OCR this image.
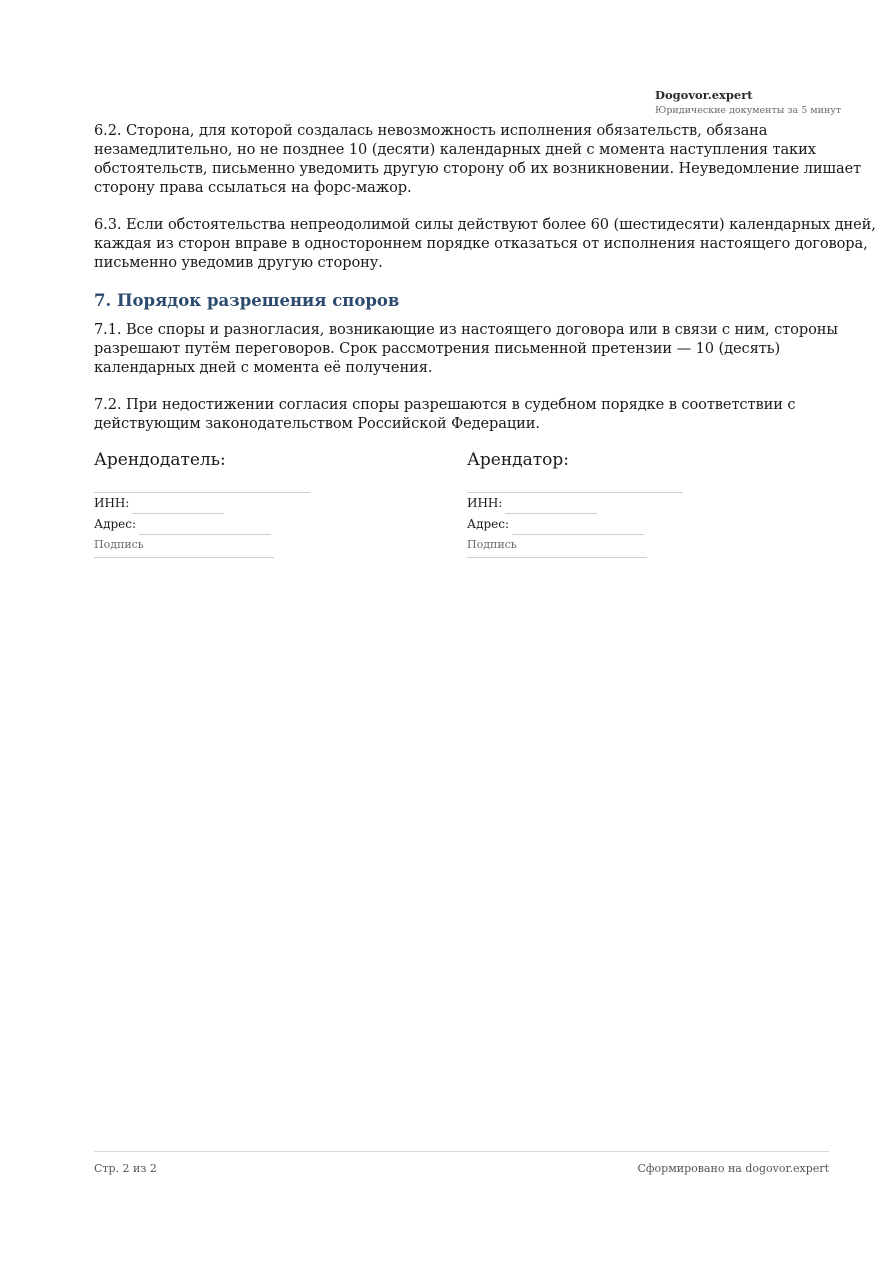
Dogovor.expert
Юридические документы за 5 минут

6.2. Сторона, для которой создалась невозможность исполнения обязательств, обязана незамедлительно, но не позднее 10 (десяти) календарных дней с момента наступления таких обстоятельств, письменно уведомить другую сторону об их возникновении. Неуведомление лишает сторону права ссылаться на форс-мажор.

6.3. Если обстоятельства непреодолимой силы действуют более 60 (шестидесяти) календарных дней, каждая из сторон вправе в одностороннем порядке отказаться от исполнения настоящего договора, письменно уведомив другую сторону.

7. Порядок разрешения споров

7.1. Все споры и разногласия, возникающие из настоящего договора или в связи с ним, стороны разрешают путём переговоров. Срок рассмотрения письменной претензии — 10 (десять) календарных дней с момента её получения.

7.2. При недостижении согласия споры разрешаются в судебном порядке в соответствии с действующим законодательством Российской Федерации.

Арендодатель:
ИНН:
Адрес:
Подпись
Арендатор:
ИНН:
Адрес:
Подпись
Стр. 2 из 2	Сформировано на dogovor.expert
